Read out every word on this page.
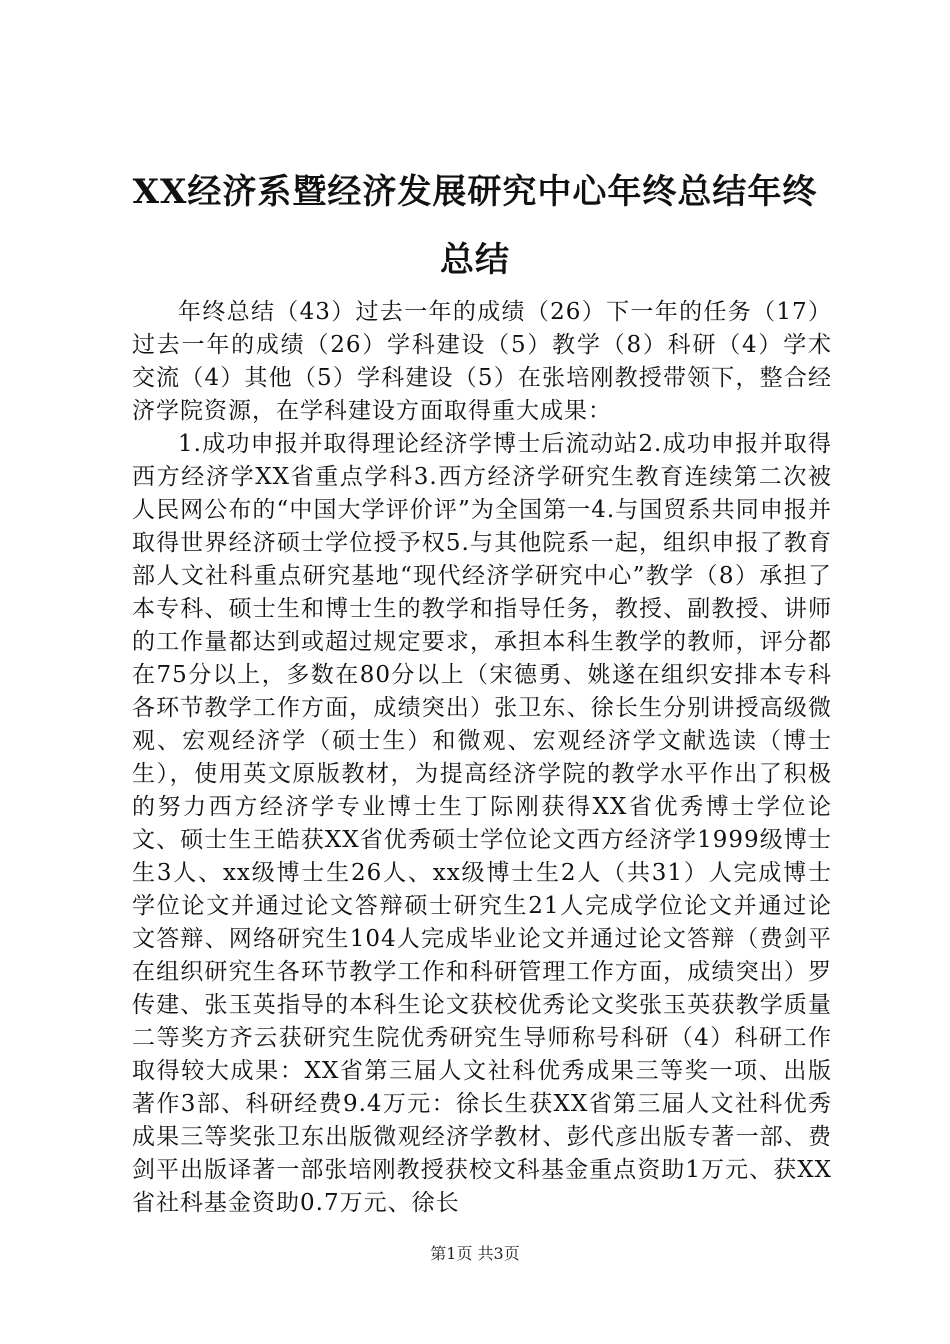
XX经济系暨经济发展研究中心年终总结年终总结

年终总结（43）过去一年的成绩（26）下一年的任务（17）过去一年的成绩（26）学科建设（5）教学（8）科研（4）学术交流（4）其他（5）学科建设（5）在张培刚教授带领下，整合经济学院资源，在学科建设方面取得重大成果：

1.成功申报并取得理论经济学博士后流动站2.成功申报并取得西方经济学XX省重点学科3.西方经济学研究生教育连续第二次被人民网公布的“中国大学评价评”为全国第一4.与国贸系共同申报并取得世界经济硕士学位授予权5.与其他院系一起，组织申报了教育部人文社科重点研究基地“现代经济学研究中心”教学（8）承担了本专科、硕士生和博士生的教学和指导任务，教授、副教授、讲师的工作量都达到或超过规定要求，承担本科生教学的教师，评分都在75分以上，多数在80分以上（宋德勇、姚遂在组织安排本专科各环节教学工作方面，成绩突出）张卫东、徐长生分别讲授高级微观、宏观经济学（硕士生）和微观、宏观经济学文献选读（博士生），使用英文原版教材，为提高经济学院的教学水平作出了积极的努力西方经济学专业博士生丁际刚获得XX省优秀博士学位论文、硕士生王皓获XX省优秀硕士学位论文西方经济学1999级博士生3人、xx级博士生26人、xx级博士生2人（共31）人完成博士学位论文并通过论文答辩硕士研究生21人完成学位论文并通过论文答辩、网络研究生104人完成毕业论文并通过论文答辩（费剑平在组织研究生各环节教学工作和科研管理工作方面，成绩突出）罗传建、张玉英指导的本科生论文获校优秀论文奖张玉英获教学质量二等奖方齐云获研究生院优秀研究生导师称号科研（4）科研工作取得较大成果：XX省第三届人文社科优秀成果三等奖一项、出版著作3部、科研经费9.4万元：徐长生获XX省第三届人文社科优秀成果三等奖张卫东出版微观经济学教材、彭代彦出版专著一部、费剑平出版译著一部张培刚教授获校文科基金重点资助1万元、获XX省社科基金资助0.7万元、徐长

第1页 共3页
